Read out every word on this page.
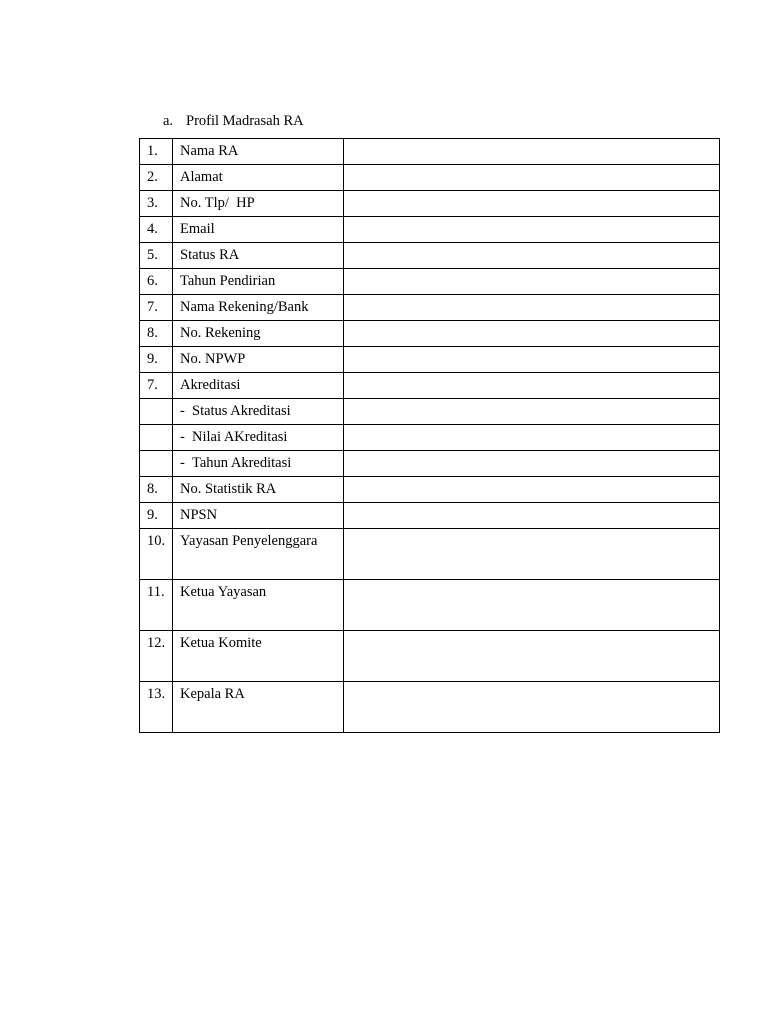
a. Profil Madrasah RA
1.	Nama RA	
2.	Alamat	
3.	No. Tlp/  HP	
4.	Email	
5.	Status RA	
6.	Tahun Pendirian	
7.	Nama Rekening/Bank	
8.	No. Rekening	
9.	No. NPWP	
7.	Akreditasi	
	- Status Akreditasi	
	- Nilai AKreditasi	
	- Tahun Akreditasi	
8.	No. Statistik RA	
9.	NPSN	

10.	Yayasan Penyelenggara	

11.	Ketua Yayasan	

12.	Ketua Komite	

13.	Kepala RA	
